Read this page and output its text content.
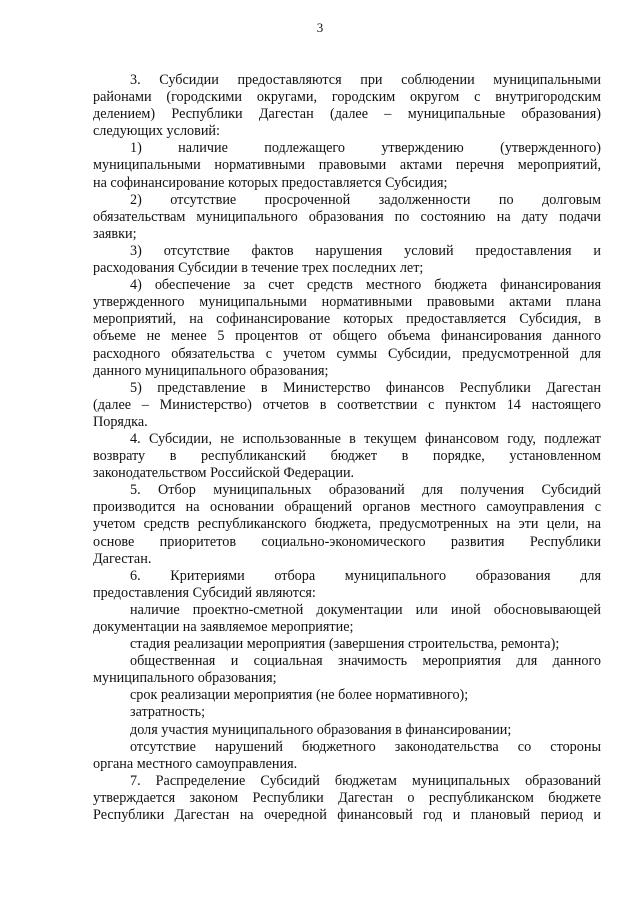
3
3. Субсидии предоставляются при соблюдении муниципальными
районами (городскими округами, городским округом с внутригородским
делением) Республики Дагестан (далее – муниципальные образования)
следующих условий:
1) наличие подлежащего утверждению (утвержденного)
муниципальными нормативными правовыми актами перечня мероприятий,
на софинансирование которых предоставляется Субсидия;
2) отсутствие просроченной задолженности по долговым
обязательствам муниципального образования по состоянию на дату подачи
заявки;
3) отсутствие фактов нарушения условий предоставления и
расходования Субсидии в течение трех последних лет;
4) обеспечение за счет средств местного бюджета финансирования
утвержденного муниципальными нормативными правовыми актами плана
мероприятий, на софинансирование которых предоставляется Субсидия, в
объеме не менее 5 процентов от общего объема финансирования данного
расходного обязательства с учетом суммы Субсидии, предусмотренной для
данного муниципального образования;
5) представление в Министерство финансов Республики Дагестан
(далее – Министерство) отчетов в соответствии с пунктом 14 настоящего
Порядка.
4. Субсидии, не использованные в текущем финансовом году, подлежат
возврату в республиканский бюджет в порядке, установленном
законодательством Российской Федерации.
5. Отбор муниципальных образований для получения Субсидий
производится на основании обращений органов местного самоуправления с
учетом средств республиканского бюджета, предусмотренных на эти цели, на
основе приоритетов социально-экономического развития Республики
Дагестан.
6. Критериями отбора муниципального образования для
предоставления Субсидий являются:
наличие проектно-сметной документации или иной обосновывающей
документации на заявляемое мероприятие;
стадия реализации мероприятия (завершения строительства, ремонта);
общественная и социальная значимость мероприятия для данного
муниципального образования;
срок реализации мероприятия (не более нормативного);
затратность;
доля участия муниципального образования в финансировании;
отсутствие нарушений бюджетного законодательства со стороны
органа местного самоуправления.
7. Распределение Субсидий бюджетам муниципальных образований
утверждается законом Республики Дагестан о республиканском бюджете
Республики Дагестан на очередной финансовый год и плановый период и
